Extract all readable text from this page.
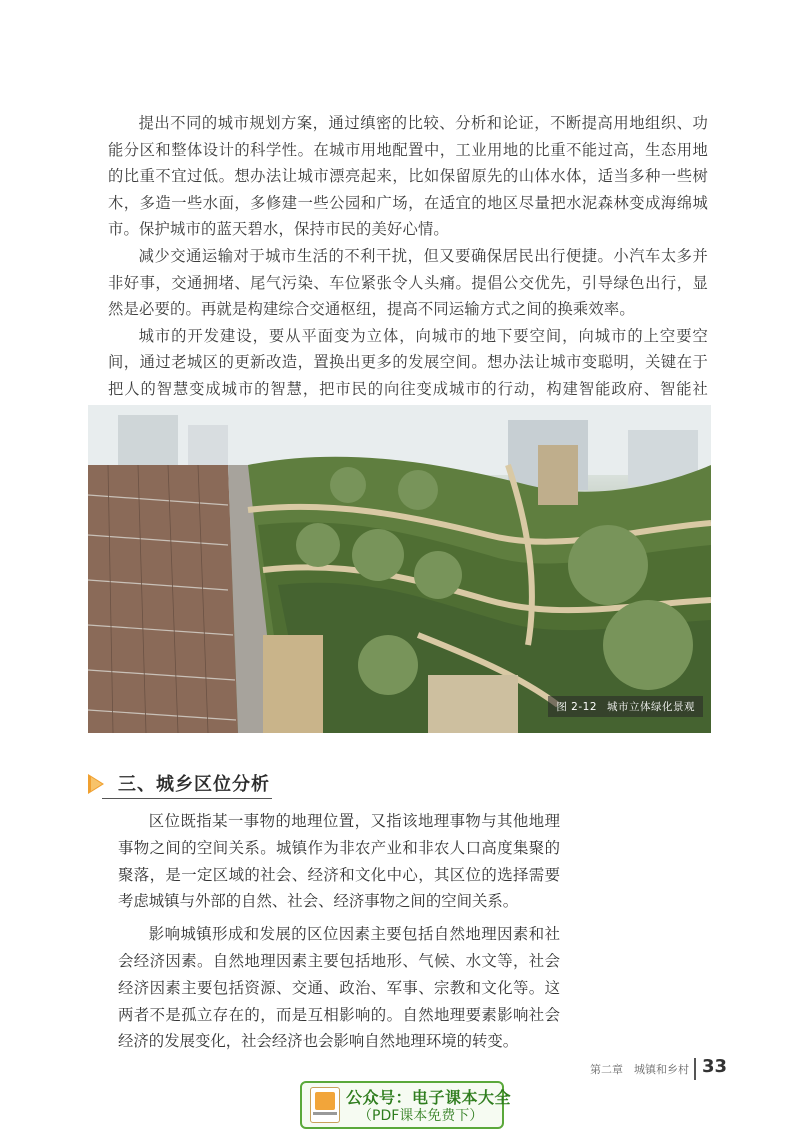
提出不同的城市规划方案，通过缜密的比较、分析和论证，不断提高用地组织、功能分区和整体设计的科学性。在城市用地配置中，工业用地的比重不能过高，生态用地的比重不宜过低。想办法让城市漂亮起来，比如保留原先的山体水体，适当多种一些树木，多造一些水面，多修建一些公园和广场，在适宜的地区尽量把水泥森林变成海绵城市。保护城市的蓝天碧水，保持市民的美好心情。

减少交通运输对于城市生活的不利干扰，但又要确保居民出行便捷。小汽车太多并非好事，交通拥堵、尾气污染、车位紧张令人头痛。提倡公交优先，引导绿色出行，显然是必要的。再就是构建综合交通枢纽，提高不同运输方式之间的换乘效率。

城市的开发建设，要从平面变为立体，向城市的地下要空间，向城市的上空要空间，通过老城区的更新改造，置换出更多的发展空间。想办法让城市变聪明，关键在于把人的智慧变成城市的智慧，把市民的向往变成城市的行动，构建智能政府、智能社

图 2-12 城市立体绿化景观
三、城乡区位分析

区位既指某一事物的地理位置，又指该地理事物与其他地理事物之间的空间关系。城镇作为非农产业和非农人口高度集聚的聚落，是一定区域的社会、经济和文化中心，其区位的选择需要考虑城镇与外部的自然、社会、经济事物之间的空间关系。

影响城镇形成和发展的区位因素主要包括自然地理因素和社会经济因素。自然地理因素主要包括地形、气候、水文等，社会经济因素主要包括资源、交通、政治、军事、宗教和文化等。这两者不是孤立存在的，而是互相影响的。自然地理要素影响社会经济的发展变化，社会经济也会影响自然地理环境的转变。

第二章　城镇和乡村 33
公众号：电子课本大全
（PDF课本免费下）
